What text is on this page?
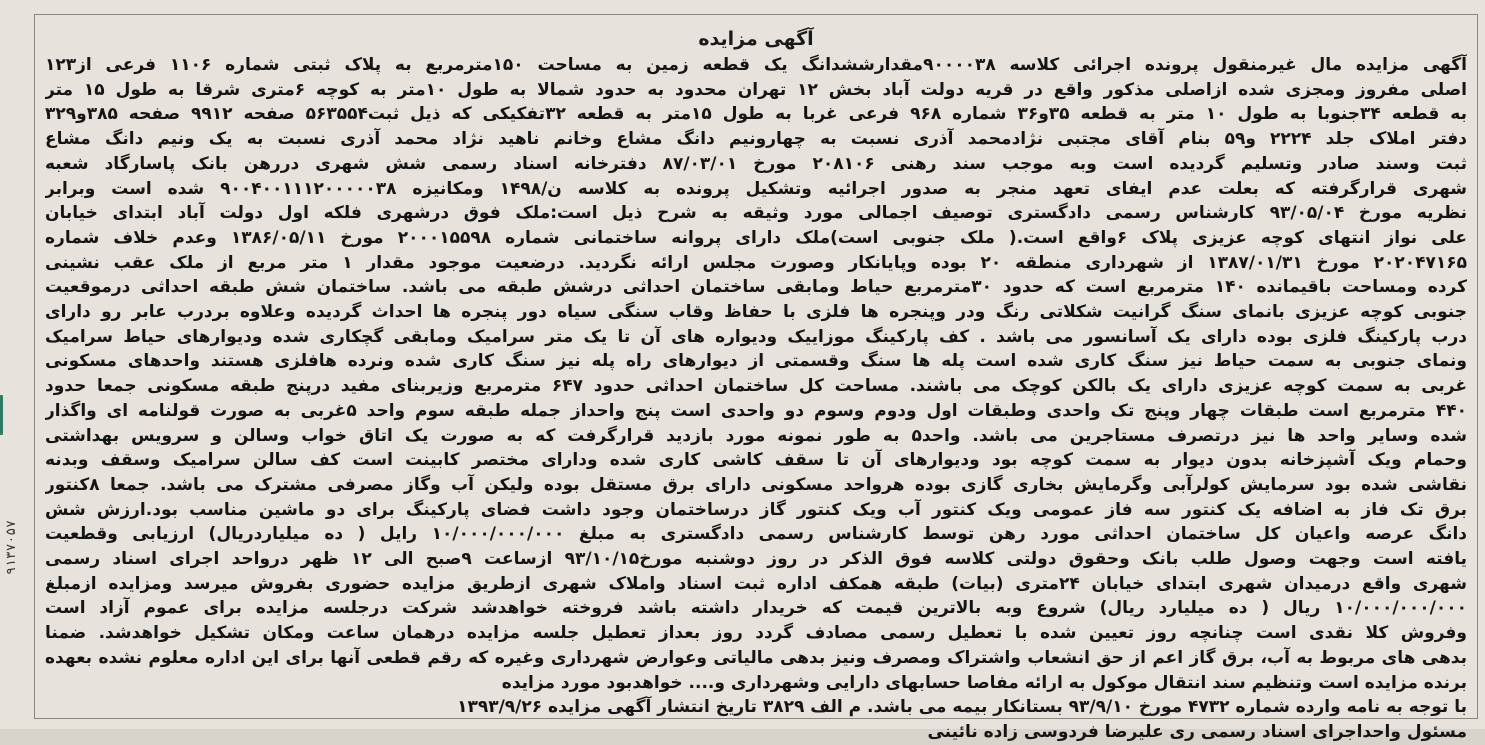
۹۱۳۷۰۵۷
آگهی مزایده
آگهی مزایده مال غیرمنقول پرونده اجرائی کلاسه ۹۰۰۰۰۳۸مقدارششدانگ یک قطعه زمین به مساحت ۱۵۰مترمربع به پلاک ثبتی شماره ۱۱۰۶ فرعی از۱۲۳
اصلی مفروز ومجزی شده ازاصلی مذکور واقع در قریه دولت آباد بخش ۱۲ تهران محدود به حدود شمالا به طول ۱۰متر به کوچه ۶متری شرقا به طول ۱۵ متر
به قطعه ۳۴جنوبا به طول ۱۰ متر به قطعه ۳۵و۳۶ شماره ۹۶۸ فرعی غربا به طول ۱۵متر به قطعه ۳۲تفکیکی که ذیل ثبت۵۶۳۵۵۴ صفحه ۹۹۱۲ صفحه ۳۸۵و۳۲۹
دفتر املاک جلد ۲۲۲۴ و۵۹ بنام آقای مجتبی نژادمحمد آذری نسبت به چهارونیم دانگ مشاع وخانم ناهید نژاد محمد آذری نسبت به یک ونیم دانگ مشاع
ثبت وسند صادر وتسلیم گردیده است وبه موجب سند رهنی ۲۰۸۱۰۶ مورخ ۸۷/۰۳/۰۱ دفترخانه اسناد رسمی شش شهری دررهن بانک پاسارگاد شعبه
شهری قرارگرفته که بعلت عدم ایفای تعهد منجر به صدور اجرائیه وتشکیل پرونده به کلاسه ن/۱۴۹۸ ومکانیزه ۹۰۰۴۰۰۱۱۱۲۰۰۰۰۰۳۸ شده است وبرابر
نظریه مورخ ۹۳/۰۵/۰۴ کارشناس رسمی دادگستری توصیف اجمالی مورد وثیقه به شرح ذیل است:ملک فوق درشهری فلکه اول دولت آباد ابتدای خیابان
علی نواز انتهای کوچه عزیزی پلاک ۶واقع است.( ملک جنوبی است)ملک دارای پروانه ساختمانی شماره ۲۰۰۰۱۵۵۹۸ مورخ ۱۳۸۶/۰۵/۱۱ وعدم خلاف شماره
۲۰۲۰۴۷۱۶۵ مورخ ۱۳۸۷/۰۱/۳۱ از شهرداری منطقه ۲۰ بوده وپایانکار وصورت مجلس ارائه نگردید. درضعیت موجود مقدار ۱ متر مربع از ملک عقب نشینی
کرده ومساحت باقیمانده ۱۴۰ مترمربع است که حدود ۳۰مترمربع حیاط ومابقی ساختمان احداثی درشش طبقه می باشد. ساختمان شش طبقه احداثی درموقعیت
جنوبی کوچه عزیزی بانمای سنگ گرانیت شکلاتی رنگ ودر وپنجره ها فلزی با حفاظ وقاب سنگی سیاه دور پنجره ها احداث گردیده وعلاوه بردرب عابر رو دارای
درب پارکینگ فلزی بوده دارای یک آسانسور می باشد . کف پارکینگ موزاییک ودیواره های آن تا یک متر سرامیک ومابقی گچکاری شده ودیوارهای حیاط سرامیک
ونمای جنوبی به سمت حیاط نیز سنگ کاری شده است پله ها سنگ وقسمتی از دیوارهای راه پله نیز سنگ کاری شده ونرده هافلزی هستند واحدهای مسکونی
غربی به سمت کوچه عزیزی دارای یک بالکن کوچک می باشند. مساحت کل ساختمان احداثی حدود ۶۴۷ مترمربع وزیربنای مفید درپنج طبقه مسکونی جمعا حدود
۴۴۰ مترمربع است طبقات چهار وپنج تک واحدی وطبقات اول ودوم وسوم دو واحدی است پنج واحداز جمله طبقه سوم واحد ۵غربی به صورت قولنامه ای واگذار
شده وسایر واحد ها نیز درتصرف مستاجرین می باشد. واحد۵ به طور نمونه مورد بازدید قرارگرفت که به صورت یک اتاق خواب وسالن و سرویس بهداشتی
وحمام ویک آشپزخانه بدون دیوار به سمت کوچه بود ودیوارهای آن تا سقف کاشی کاری شده ودارای مختصر کابینت است کف سالن سرامیک وسقف وبدنه
نقاشی شده بود سرمایش کولرآبی وگرمایش بخاری گازی بوده هرواحد مسکونی دارای برق مستقل بوده ولیکن آب وگاز مصرفی مشترک می باشد. جمعا ۸کنتور
برق تک فاز به اضافه یک کنتور سه فاز عمومی ویک کنتور آب ویک کنتور گاز درساختمان وجود داشت فضای پارکینگ برای دو ماشین مناسب بود.ارزش شش
دانگ عرصه واعیان کل ساختمان احداثی مورد رهن توسط کارشناس رسمی دادگستری به مبلغ ۱۰/۰۰۰/۰۰۰/۰۰۰ رایل ( ده میلیاردریال) ارزیابی وقطعیت
یافته است وجهت وصول طلب بانک وحقوق دولتی کلاسه فوق الذکر در روز دوشنبه مورخ۹۳/۱۰/۱۵ ازساعت ۹صبح الی ۱۲ ظهر درواحد اجرای اسناد رسمی
شهری واقع درمیدان شهری ابتدای خیابان ۲۴متری (بیات) طبقه همکف اداره ثبت اسناد واملاک شهری ازطریق مزایده حضوری بفروش میرسد ومزایده ازمبلغ
۱۰/۰۰۰/۰۰۰/۰۰۰ ریال ( ده میلیارد ریال) شروع وبه بالاترین قیمت که خریدار داشته باشد فروخته خواهدشد شرکت درجلسه مزایده برای عموم آزاد است
وفروش کلا نقدی است چنانچه روز تعیین شده با تعطیل رسمی مصادف گردد روز بعداز تعطیل جلسه مزایده درهمان ساعت ومکان تشکیل خواهدشد. ضمنا
بدهی های مربوط به آب، برق گاز اعم از حق انشعاب واشتراک ومصرف ونیز بدهی مالیاتی وعوارض شهرداری وغیره که رقم قطعی آنها برای این اداره معلوم نشده بعهده
برنده مزایده است وتنظیم سند انتقال موکول به ارائه مفاصا حسابهای دارایی وشهرداری و.... خواهدبود مورد مزایده
با توجه به نامه وارده شماره ۴۷۳۲ مورخ ۹۳/۹/۱۰ بستانکار بیمه می باشد. م الف ۳۸۲۹ تاریخ انتشار آگهی مزایده ۱۳۹۳/۹/۲۶
مسئول واحداجرای اسناد رسمی ری علیرضا فردوسی زاده نائینی
